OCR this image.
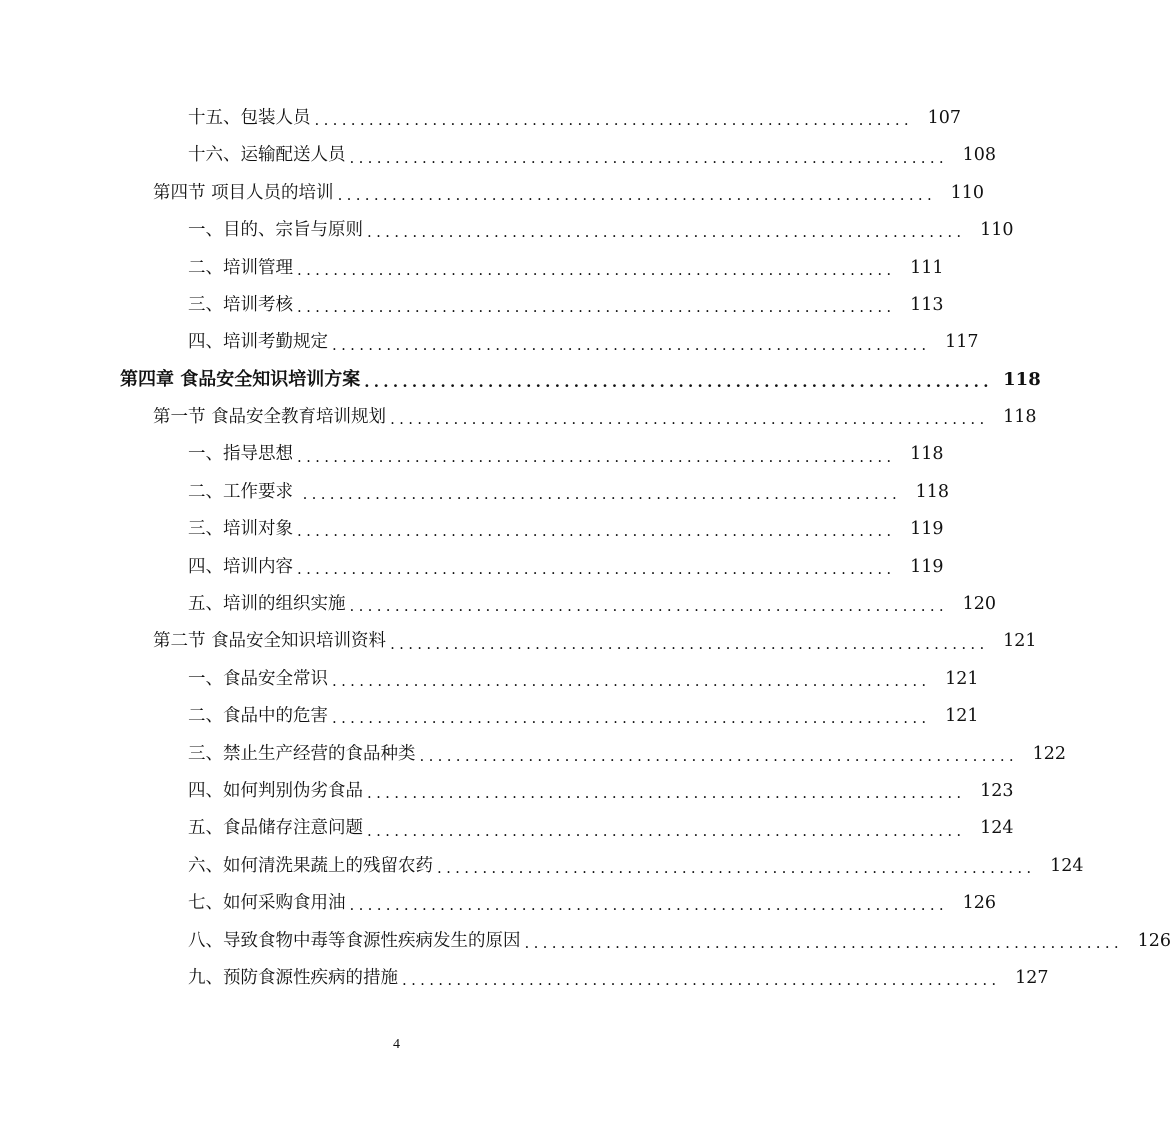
十五、包装人员 .................................................................. 107
十六、运输配送人员 .................................................................. 108
第四节 项目人员的培训 .................................................................. 110
一、目的、宗旨与原则 .................................................................. 110
二、培训管理 .................................................................. 111
三、培训考核 .................................................................. 113
四、培训考勤规定 .................................................................. 117
第四章 食品安全知识培训方案 .................................................................. 118
第一节 食品安全教育培训规划 .................................................................. 118
一、指导思想 .................................................................. 118
二、工作要求 .................................................................. 118
三、培训对象 .................................................................. 119
四、培训内容 .................................................................. 119
五、培训的组织实施 .................................................................. 120
第二节 食品安全知识培训资料 .................................................................. 121
一、食品安全常识 .................................................................. 121
二、食品中的危害 .................................................................. 121
三、禁止生产经营的食品种类 .................................................................. 122
四、如何判别伪劣食品 .................................................................. 123
五、食品储存注意问题 .................................................................. 124
六、如何清洗果蔬上的残留农药 .................................................................. 124
七、如何采购食用油 .................................................................. 126
八、导致食物中毒等食源性疾病发生的原因 .................................................................. 126
九、预防食源性疾病的措施 .................................................................. 127
4
